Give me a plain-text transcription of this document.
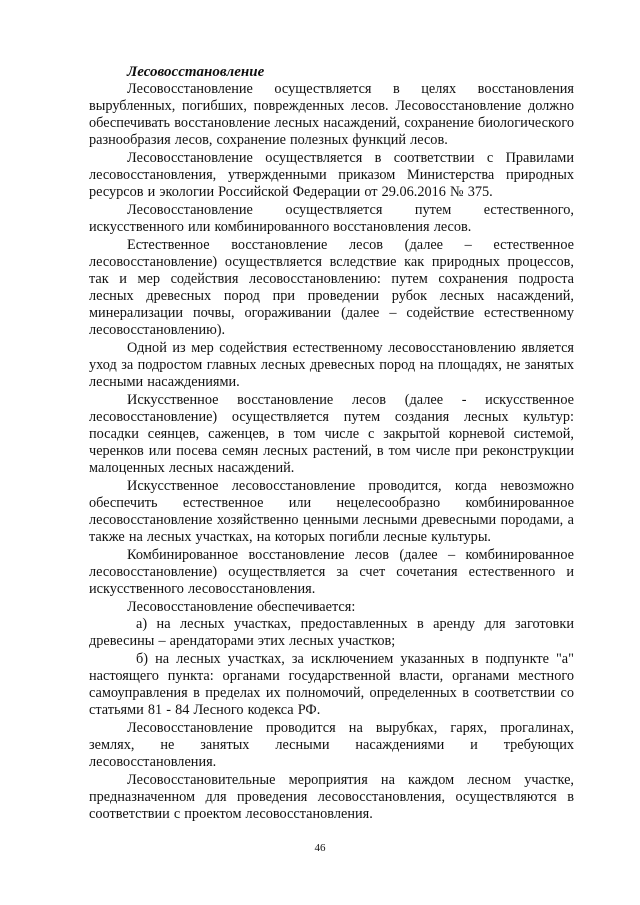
Лесовосстановление

Лесовосстановление осуществляется в целях восстановления вырубленных, погибших, поврежденных лесов. Лесовосстановление должно обеспечивать восстановление лесных насаждений, сохранение биологического разнообразия лесов, сохранение полезных функций лесов.

Лесовосстановление осуществляется в соответствии с Правилами лесовосстановления, утвержденными приказом Министерства природных ресурсов и экологии Российской Федерации от 29.06.2016 № 375.

Лесовосстановление осуществляется путем естественного, искусственного или комбинированного восстановления лесов.

Естественное восстановление лесов (далее – естественное лесовосстановление) осуществляется вследствие как природных процессов, так и мер содействия лесовосстановлению: путем сохранения подроста лесных древесных пород при проведении рубок лесных насаждений, минерализации почвы, огораживании (далее – содействие естественному лесовосстановлению).

Одной из мер содействия естественному лесовосстановлению является уход за подростом главных лесных древесных пород на площадях, не занятых лесными насаждениями.

Искусственное восстановление лесов (далее - искусственное лесовосстановление) осуществляется путем создания лесных культур: посадки сеянцев, саженцев, в том числе с закрытой корневой системой, черенков или посева семян лесных растений, в том числе при реконструкции малоценных лесных насаждений.

Искусственное лесовосстановление проводится, когда невозможно обеспечить естественное или нецелесообразно комбинированное лесовосстановление хозяйственно ценными лесными древесными породами, а также на лесных участках, на которых погибли лесные культуры.

Комбинированное восстановление лесов (далее – комбинированное лесовосстановление) осуществляется за счет сочетания естественного и искусственного лесовосстановления.

Лесовосстановление обеспечивается:

а) на лесных участках, предоставленных в аренду для заготовки древесины – арендаторами этих лесных участков;

б) на лесных участках, за исключением указанных в подпункте "а" настоящего пункта: органами государственной власти, органами местного самоуправления в пределах их полномочий, определенных в соответствии со статьями 81 - 84 Лесного кодекса РФ.

Лесовосстановление проводится на вырубках, гарях, прогалинах, землях, не занятых лесными насаждениями и требующих лесовосстановления.

Лесовосстановительные мероприятия на каждом лесном участке, предназначенном для проведения лесовосстановления, осуществляются в соответствии с проектом лесовосстановления.

46
